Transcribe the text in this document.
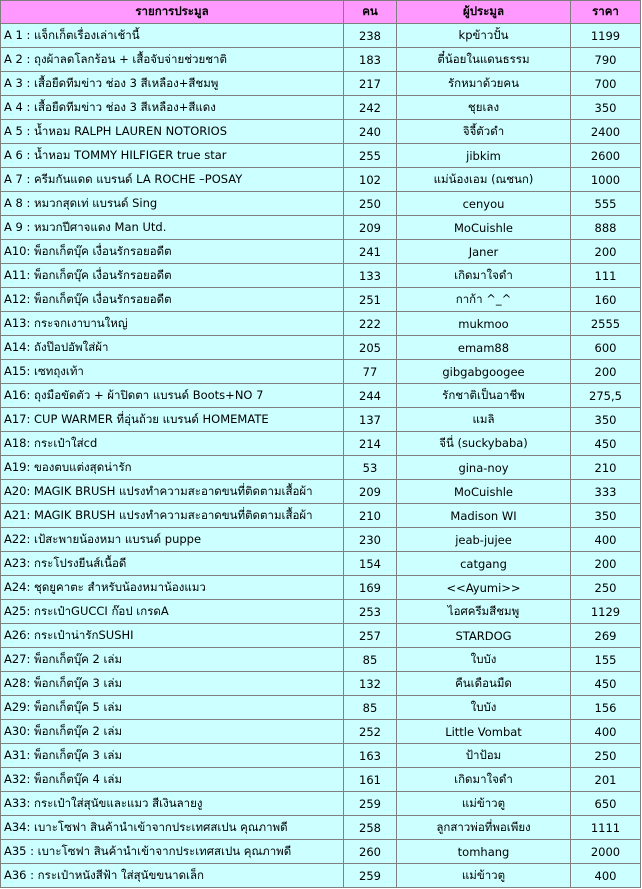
รายการประมูล	คน	ผู้ประมูล	ราคา
A 1 : แจ็กเก็ตเรื่องเล่าเช้านี้	238	kpข้าวปั้น	1199
A 2 : ถุงผ้าลดโลกร้อน + เสื้อจับจ่ายช่วยชาติ	183	ตี๋น้อยในแดนธรรม	790
A 3 : เสื้อยืดทีมข่าว ช่อง 3 สีเหลือง+สีชมพู	217	รักหมาด้วยคน	700
A 4 : เสื้อยืดทีมข่าว ช่อง 3 สีเหลือง+สีแดง	242	ชุยเลง	350
A 5 : น้ำหอม RALPH LAUREN NOTORIOS	240	จิจี้ตัวดำ	2400
A 6 : น้ำหอม TOMMY HILFIGER true star	255	jibkim	2600
A 7 : ครีมกันแดด แบรนด์ LA ROCHE –POSAY	102	แม่น้องเอม (ณชนก)	1000
A 8 : หมวกสุดเท่ แบรนด์ Sing	250	cenyou	555
A 9 : หมวกปีศาจแดง Man Utd.	209	MoCuishle	888
A10: พ็อกเก็ตบุ๊ค เงื่อนรักรอยอดีต	241	Janer	200
A11: พ็อกเก็ตบุ๊ค เงื่อนรักรอยอดีต	133	เกิดมาใจดำ	111
A12: พ็อกเก็ตบุ๊ค เงื่อนรักรอยอดีต	251	กาก้า ^_^	160
A13: กระจกเงาบานใหญ่	222	mukmoo	2555
A14: ถังป๊อปอัพใส่ผ้า	205	emam88	600
A15: เซทถุงเท้า	77	gibgabgoogee	200
A16: ถุงมือขัดตัว + ผ้าปิดตา แบรนด์ Boots+NO 7	244	รักชาติเป็นอาชีพ	275,5
A17: CUP WARMER ที่อุ่นถ้วย แบรนด์ HOMEMATE	137	แมลิ	350
A18: กระเป๋าใส่cd	214	จีนี่ (suckybaba)	450
A19: ของตบแต่งสุดน่ารัก	53	gina-noy	210
A20: MAGIK BRUSH แปรงทำความสะอาดขนที่ติดตามเสื้อผ้า	209	MoCuishle	333
A21: MAGIK BRUSH แปรงทำความสะอาดขนที่ติดตามเสื้อผ้า	210	Madison WI	350
A22: เป้สะพายน้องหมา แบรนด์ puppe	230	jeab-jujee	400
A23: กระโปรงยีนส์เนื้อดี	154	catgang	200
A24: ชุดยูคาตะ สำหรับน้องหมาน้องแมว	169	<<Ayumi>>	250
A25: กระเป๋าGUCCI ก๊อป เกรดA	253	ไอศครีมสีชมพู	1129
A26: กระเป๋าน่ารักSUSHI	257	STARDOG	269
A27: พ็อกเก็ตบุ๊ค 2 เล่ม	85	ใบบัง	155
A28: พ็อกเก็ตบุ๊ค 3 เล่ม	132	คืนเดือนมืด	450
A29: พ็อกเก็ตบุ๊ค 5 เล่ม	85	ใบบัง	156
A30: พ็อกเก็ตบุ๊ค 2 เล่ม	252	Little Vombat	400
A31: พ็อกเก็ตบุ๊ค 3 เล่ม	163	ป้าป้อม	250
A32: พ็อกเก็ตบุ๊ค 4 เล่ม	161	เกิดมาใจดำ	201
A33: กระเป๋าใส่สุนัขและแมว สีเงินลายงู	259	แม่ข้าวตู	650
A34: เบาะโซฟา สินค้านำเข้าจากประเทศสเปน คุณภาพดี	258	ลูกสาวพ่อที่พอเพียง	1111
A35 : เบาะโซฟา สินค้านำเข้าจากประเทศสเปน คุณภาพดี	260	tomhang	2000
A36 : กระเป๋าหนังสีฟ้า ใส่สุนัขขนาดเล็ก	259	แม่ข้าวตู	400
